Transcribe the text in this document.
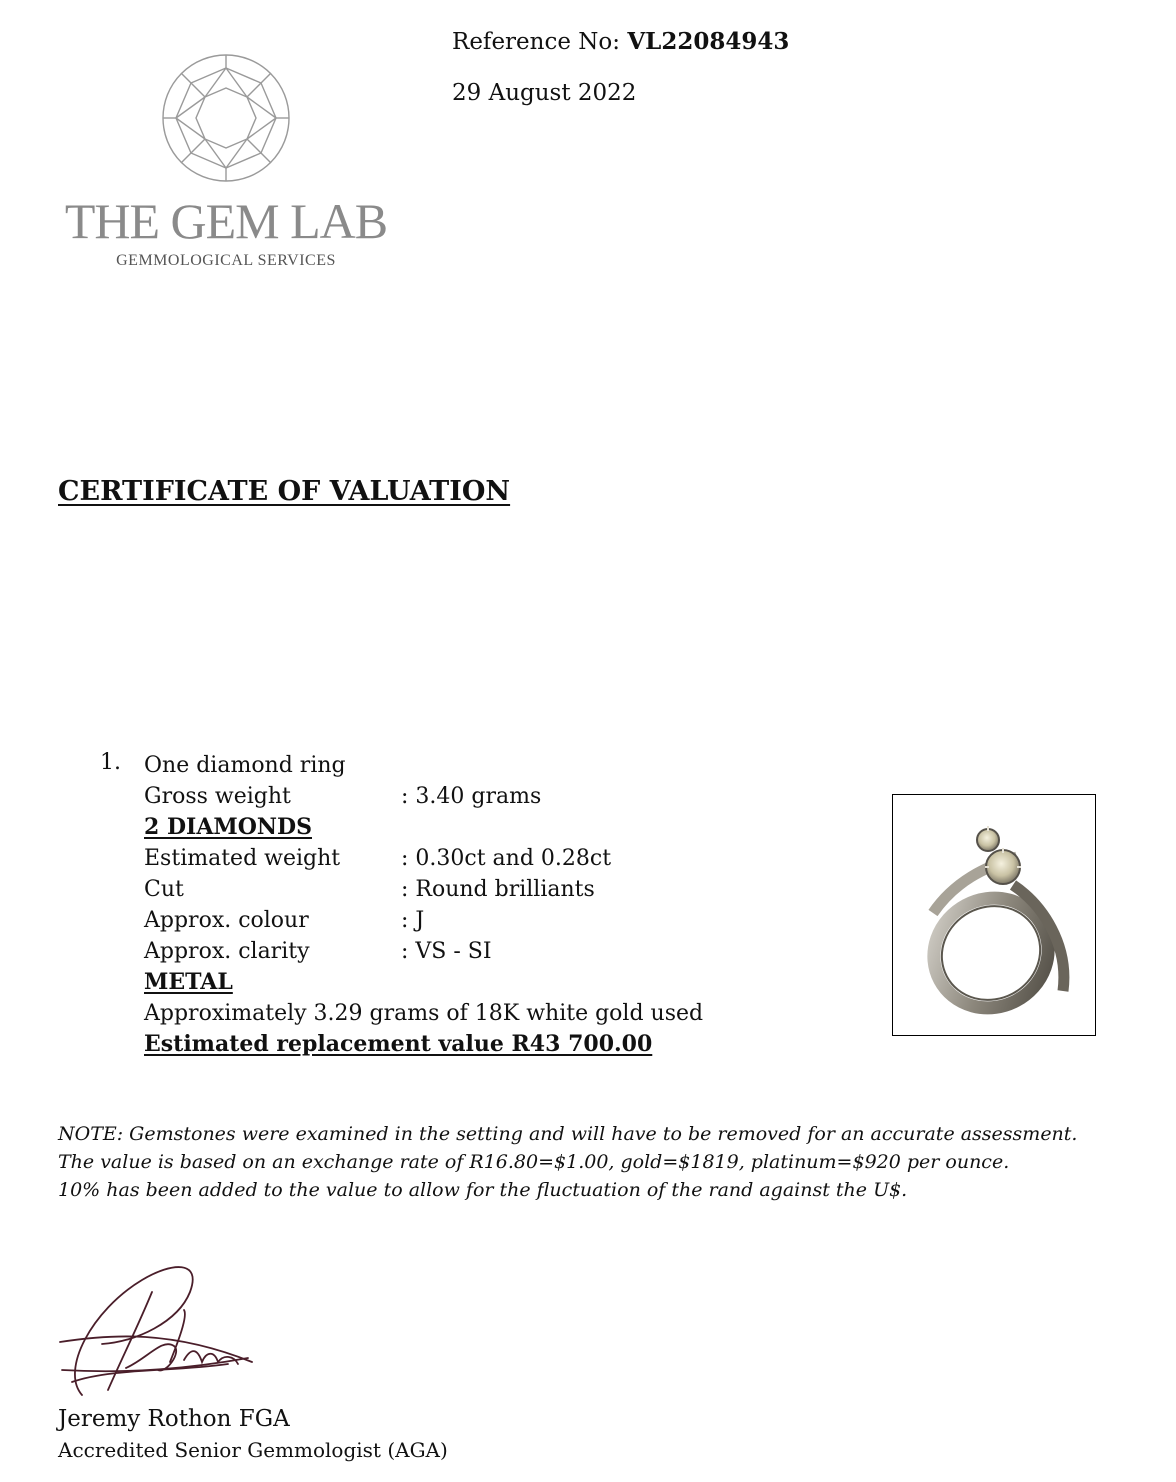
THE GEM LAB
GEMMOLOGICAL SERVICES
Reference No: VL22084943
29 August 2022
CERTIFICATE OF VALUATION
1. One diamond ring
Gross weight	: 3.40 grams
2 DIAMONDS
Estimated weight	: 0.30ct and 0.28ct
Cut	: Round brilliants
Approx. colour	: J
Approx. clarity	: VS - SI
METAL
Approximately 3.29 grams of 18K white gold used
Estimated replacement value R43 700.00
NOTE: Gemstones were examined in the setting and will have to be removed for an accurate assessment.
The value is based on an exchange rate of R16.80=$1.00, gold=$1819, platinum=$920 per ounce.
10% has been added to the value to allow for the fluctuation of the rand against the U$.
Jeremy Rothon FGA
Accredited Senior Gemmologist (AGA)
